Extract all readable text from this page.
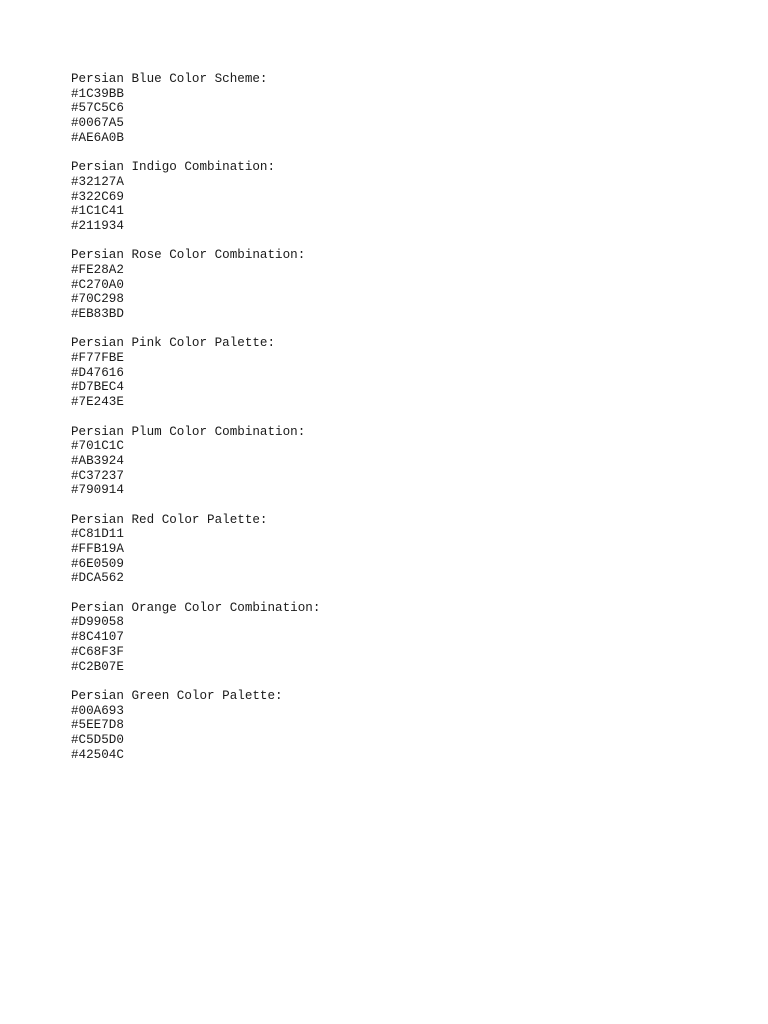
Persian Blue Color Scheme:
#1C39BB
#57C5C6
#0067A5
#AE6A0B
Persian Indigo Combination:
#32127A
#322C69
#1C1C41
#211934
Persian Rose Color Combination:
#FE28A2
#C270A0
#70C298
#EB83BD
Persian Pink Color Palette:
#F77FBE
#D47616
#D7BEC4
#7E243E
Persian Plum Color Combination:
#701C1C
#AB3924
#C37237
#790914
Persian Red Color Palette:
#C81D11
#FFB19A
#6E0509
#DCA562
Persian Orange Color Combination:
#D99058
#8C4107
#C68F3F
#C2B07E
Persian Green Color Palette:
#00A693
#5EE7D8
#C5D5D0
#42504C
